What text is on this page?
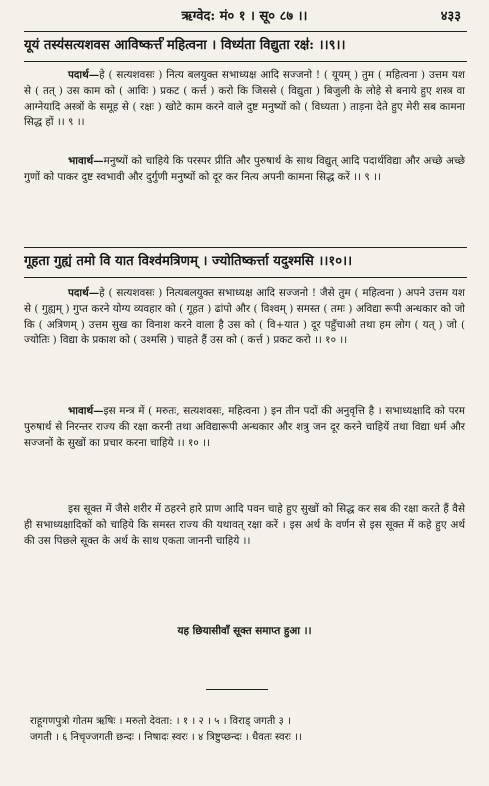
ऋग्वेद: मं० १ । सू० ८७ ।।	४३३
यूयं तस्य॑सत्यशवस आविष्कर्त्त॑ महित्वना । विध्य॑ता विद्युता रक्ष॑: ।।९।।
पदार्थ—हे ( सत्यशवसः ) नित्य बलयुक्त सभाध्यक्ष आदि सज्जनो ! ( यूयम् ) तुम ( महित्वना ) उत्तम यश से ( तत् ) उस काम को ( आविः ) प्रकट ( कर्त्त ) करो कि जिससे ( विद्युता ) बिजुली के लोहे से बनाये हुए शस्त्र वा आग्नेयादि अस्त्रों के समूह से ( रक्षः ) खोटे काम करने वाले दुष्ट मनुष्यों को ( विध्यता ) ताड़ना देते हुए मेरी सब कामना सिद्ध हों ।। ९ ।।
भावार्थ—मनुष्यों को चाहिये कि परस्पर प्रीति और पुरुषार्थ के साथ विद्युत् आदि पदार्थविद्या और अच्छे अच्छे गुणों को पाकर दुष्ट स्वभावी और दुर्गुणी मनुष्यों को दूर कर नित्य अपनी कामना सिद्ध करें ।। ९ ।।
गूहता गुह्यं तमो वि यात विश्व॑मत्रिणम् । ज्योतिष्कर्त्ता यदुश्मसि ।।१०।।
पदार्थ—हे ( सत्यशवसः ) नित्यबलयुक्त सभाध्यक्ष आदि सज्जनो ! जैसे तुम ( महित्वना ) अपने उत्तम यश से ( गुह्यम् ) गुप्त करने योग्य व्यवहार को ( गूहत ) ढांपो और ( विश्वम् ) समस्त ( तमः ) अविद्या रूपी अन्धकार को जो कि ( अत्रिणम् ) उत्तम सुख का विनाश करने वाला है उस को ( वि+यात ) दूर पहुँचाओ तथा हम लोग ( यत् ) जो ( ज्योतिः ) विद्या के प्रकाश को ( उश्मसि ) चाहते हैं उस को ( कर्त्त ) प्रकट करो ।। १० ।।
भावार्थ—इस मन्त्र में ( मरुतः, सत्यशवसः, महित्वना ) इन तीन पदों की अनुवृत्ति है । सभाध्यक्षादि को परम पुरुषार्थ से निरन्तर राज्य की रक्षा करनी तथा अविद्यारूपी अन्धकार और शत्रु जन दूर करने चाहियें तथा विद्या धर्म और सज्जनों के सुखों का प्रचार करना चाहिये ।। १० ।।
इस सूक्त में जैसे शरीर में ठहरने हारे प्राण आदि पवन चाहे हुए सुखों को सिद्ध कर सब की रक्षा करते हैं वैसे ही सभाध्यक्षादिकों को चाहिये कि समस्त राज्य की यथावत् रक्षा करें । इस अर्थ के वर्णन से इस सूक्त में कहे हुए अर्थ की उस पिछले सूक्त के अर्थ के साथ एकता जाननी चाहिये ।।
यह छियासीवाँ सूक्त समाप्त हुआ ।।
राहूगणपुत्रो गोतम ऋषिः । मरुतो देवता: । १ । २ । ५ । विराड् जगती ३ ।
जगती । ६ निचृज्जगती छन्दः । निषादः स्वरः । ४ त्रिष्टुप्छन्दः । धैवतः स्वरः ।।
